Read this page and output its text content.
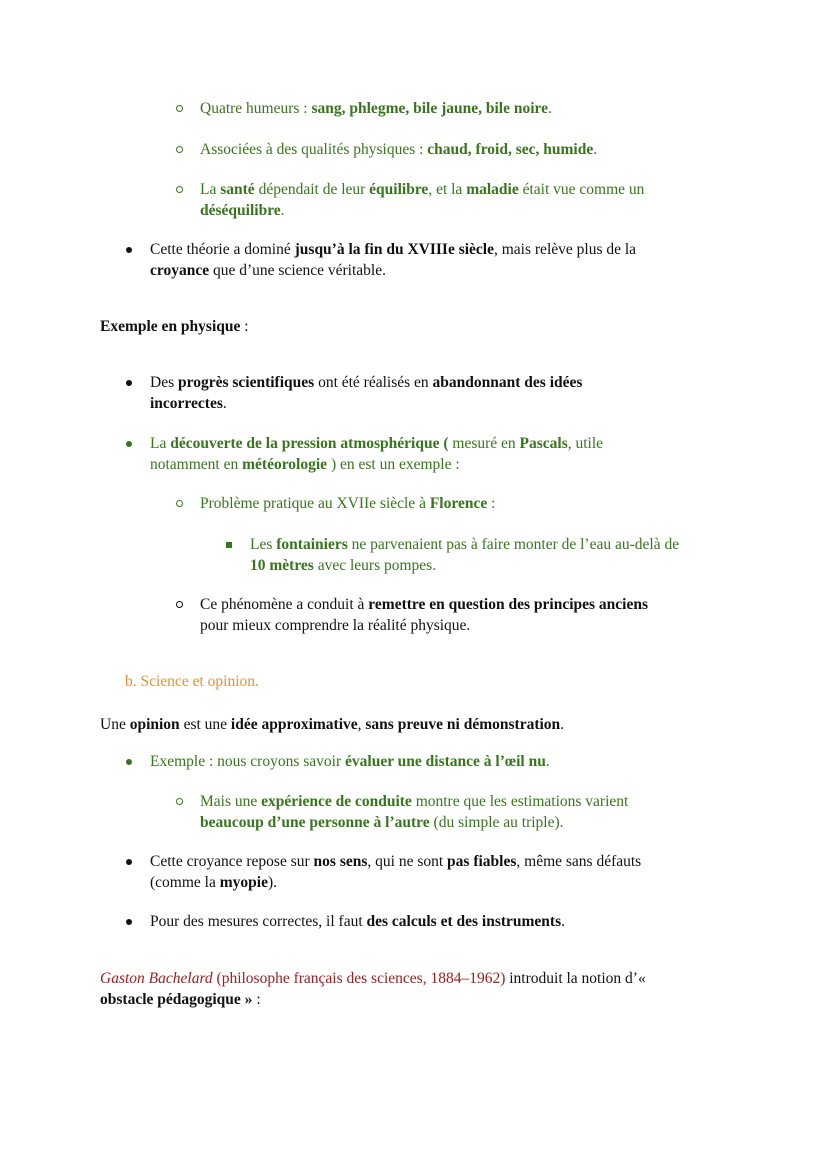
Quatre humeurs : sang, phlegme, bile jaune, bile noire.
Associées à des qualités physiques : chaud, froid, sec, humide.
La santé dépendait de leur équilibre, et la maladie était vue comme un
déséquilibre.
Cette théorie a dominé jusqu’à la fin du XVIIIe siècle, mais relève plus de la
croyance que d’une science véritable.
Exemple en physique :
Des progrès scientifiques ont été réalisés en abandonnant des idées
incorrectes.
La découverte de la pression atmosphérique ( mesuré en Pascals, utile
notamment en météorologie ) en est un exemple :
Problème pratique au XVIIe siècle à Florence :
Les fontainiers ne parvenaient pas à faire monter de l’eau au-delà de
10 mètres avec leurs pompes.
Ce phénomène a conduit à remettre en question des principes anciens
pour mieux comprendre la réalité physique.
b. Science et opinion.
Une opinion est une idée approximative, sans preuve ni démonstration.
Exemple : nous croyons savoir évaluer une distance à l’œil nu.
Mais une expérience de conduite montre que les estimations varient
beaucoup d’une personne à l’autre (du simple au triple).
Cette croyance repose sur nos sens, qui ne sont pas fiables, même sans défauts
(comme la myopie).
Pour des mesures correctes, il faut des calculs et des instruments.
Gaston Bachelard (philosophe français des sciences, 1884–1962) introduit la notion d’«
obstacle pédagogique » :
